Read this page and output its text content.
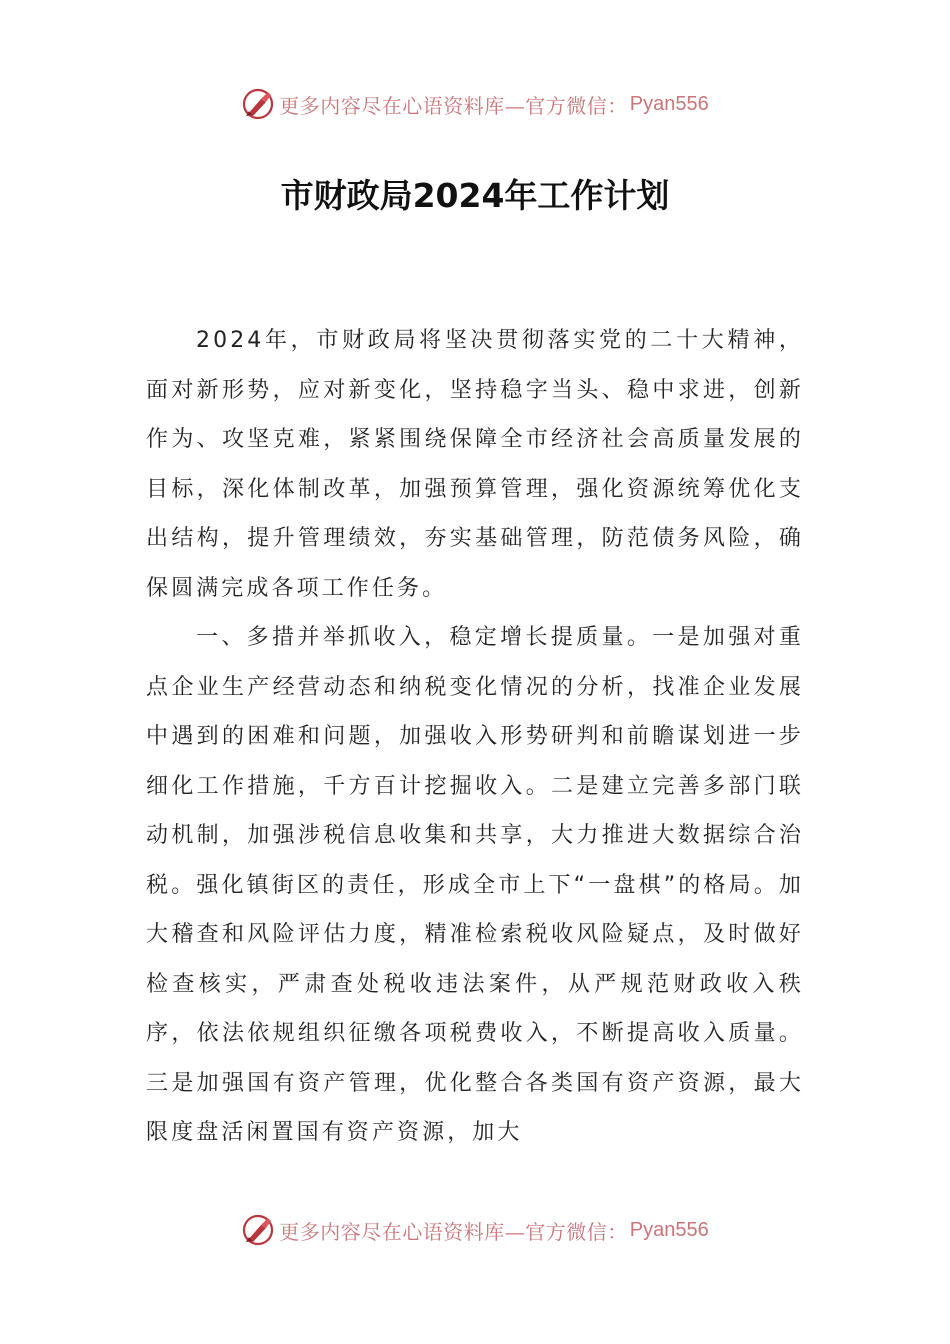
更多内容尽在心语资料库—官方微信： Pyan556
市财政局2024年工作计划

2024年，市财政局将坚决贯彻落实党的二十大精神，面对新形势，应对新变化，坚持稳字当头、稳中求进，创新作为、攻坚克难，紧紧围绕保障全市经济社会高质量发展的目标，深化体制改革，加强预算管理，强化资源统筹优化支出结构，提升管理绩效，夯实基础管理，防范债务风险，确保圆满完成各项工作任务。

一、多措并举抓收入，稳定增长提质量。一是加强对重点企业生产经营动态和纳税变化情况的分析，找准企业发展中遇到的困难和问题，加强收入形势研判和前瞻谋划进一步细化工作措施，千方百计挖掘收入。二是建立完善多部门联动机制，加强涉税信息收集和共享，大力推进大数据综合治税。强化镇街区的责任，形成全市上下“一盘棋”的格局。加大稽查和风险评估力度，精准检索税收风险疑点，及时做好检查核实，严肃查处税收违法案件，从严规范财政收入秩序，依法依规组织征缴各项税费收入，不断提高收入质量。三是加强国有资产管理，优化整合各类国有资产资源，最大限度盘活闲置国有资产资源，加大

更多内容尽在心语资料库—官方微信： Pyan556
